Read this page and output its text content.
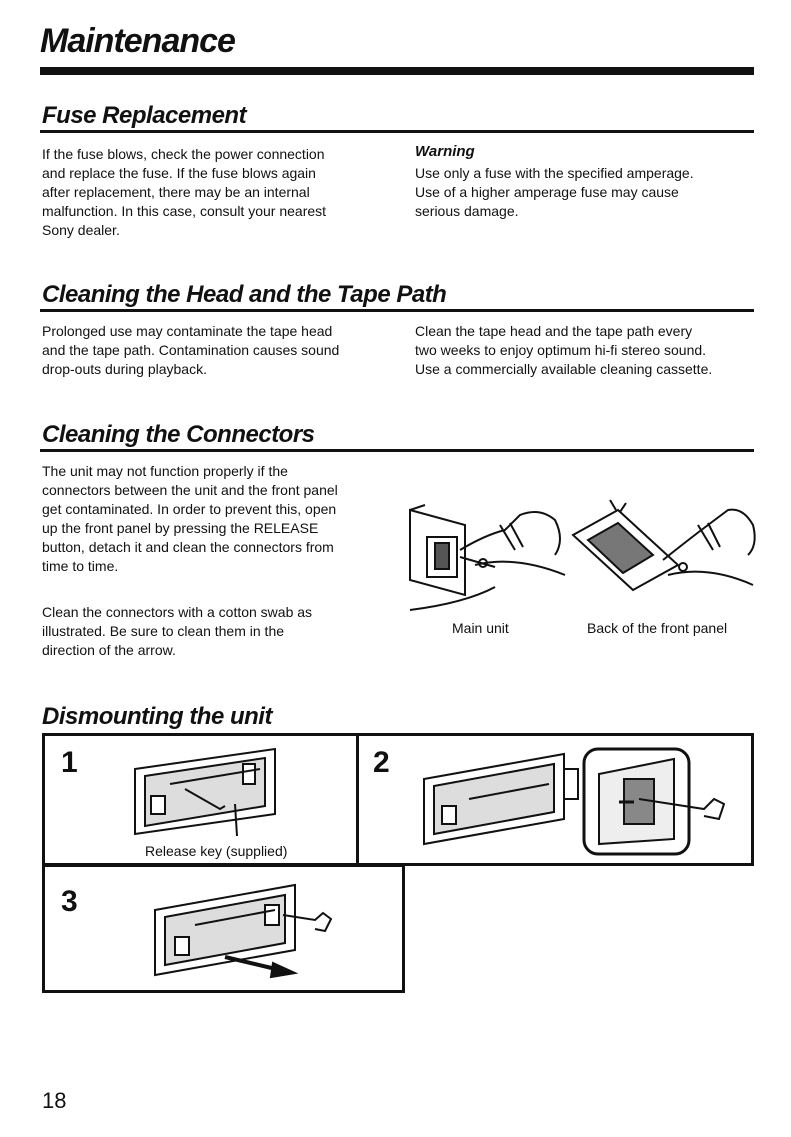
Maintenance
Fuse Replacement
If the fuse blows, check the power connection
and replace the fuse. If the fuse blows again
after replacement, there may be an internal
malfunction. In this case, consult your nearest
Sony dealer.
Warning
Use only a fuse with the specified amperage.
Use of a higher amperage fuse may cause
serious damage.
Cleaning the Head and the Tape Path
Prolonged use may contaminate the tape head
and the tape path. Contamination causes sound
drop-outs during playback.
Clean the tape head and the tape path every
two weeks to enjoy optimum hi-fi stereo sound.
Use a commercially available cleaning cassette.
Cleaning the Connectors
The unit may not function properly if the
connectors between the unit and the front panel
get contaminated. In order to prevent this, open
up the front panel by pressing the RELEASE
button, detach it and clean the connectors from
time to time.
Clean the connectors with a cotton swab as
illustrated. Be sure to clean them in the
direction of the arrow.
Main unit	Back of the front panel
Dismounting the unit
1
Release key (supplied)
2
3
18
